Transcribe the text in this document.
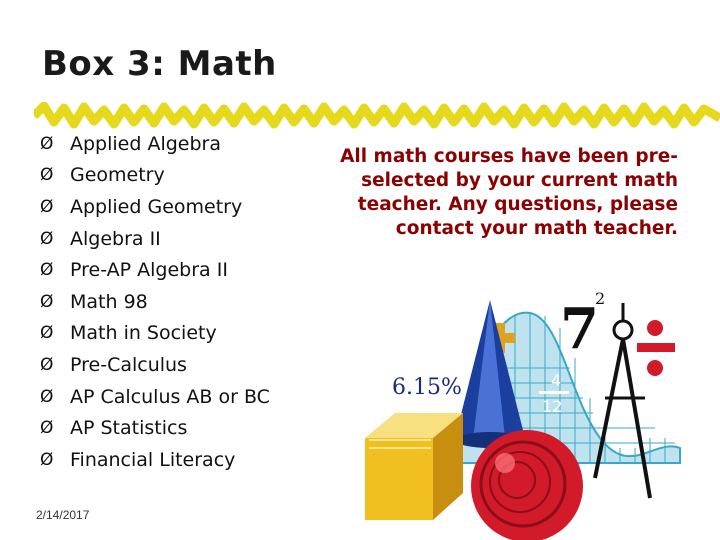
Box 3: Math
Ø Applied Algebra
Ø Geometry
Ø Applied Geometry
Ø Algebra II
Ø Pre-AP Algebra II
Ø Math 98
Ø Math in Society
Ø Pre-Calculus
Ø AP Calculus AB or BC
Ø AP Statistics
Ø Financial Literacy
All math courses have been pre-selected by your current math teacher. Any questions, please contact your math teacher.
7
2
4
12
6.15%
2/14/2017
